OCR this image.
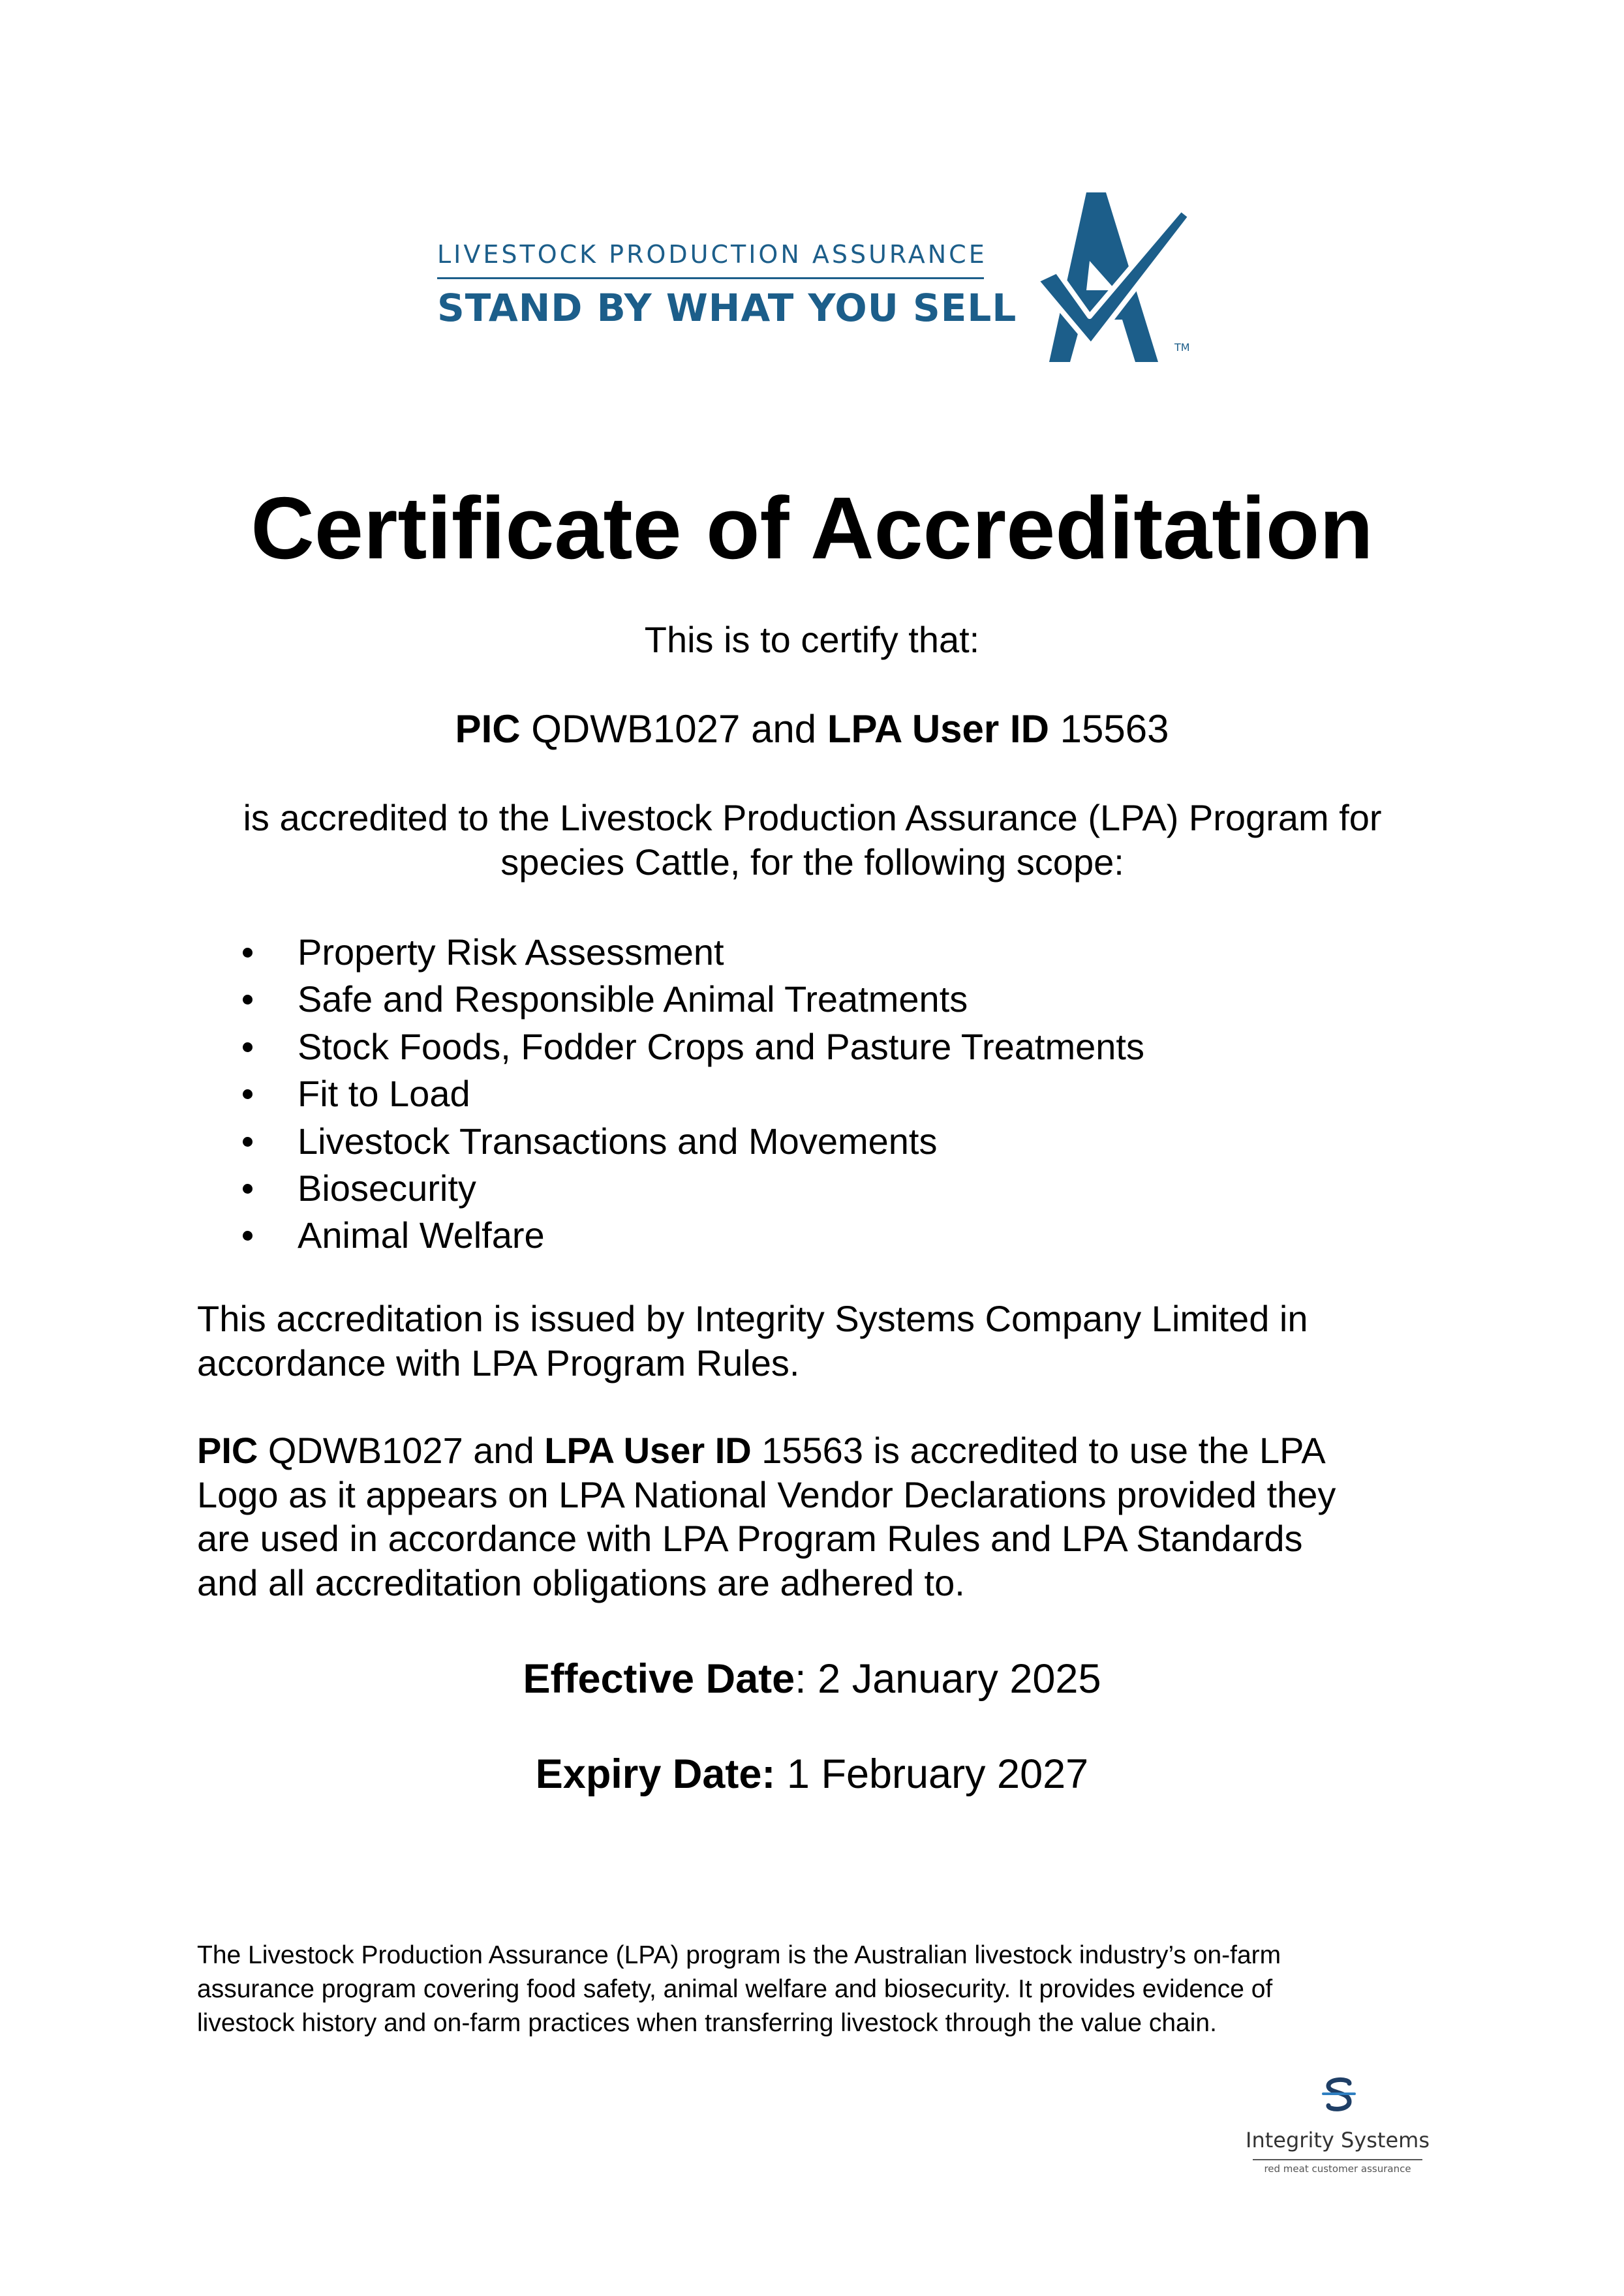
LIVESTOCK PRODUCTION ASSURANCE
STAND BY WHAT YOU SELL
TM
Certificate of Accreditation
This is to certify that:
PIC QDWB1027 and LPA User ID 15563
is accredited to the Livestock Production Assurance (LPA) Program for
species Cattle, for the following scope:
Property Risk Assessment
Safe and Responsible Animal Treatments
Stock Foods, Fodder Crops and Pasture Treatments
Fit to Load
Livestock Transactions and Movements
Biosecurity
Animal Welfare
This accreditation is issued by Integrity Systems Company Limited in
accordance with LPA Program Rules.
PIC QDWB1027 and LPA User ID 15563 is accredited to use the LPA
Logo as it appears on LPA National Vendor Declarations provided they
are used in accordance with LPA Program Rules and LPA Standards
and all accreditation obligations are adhered to.
Effective Date: 2 January 2025
Expiry Date: 1 February 2027
The Livestock Production Assurance (LPA) program is the Australian livestock industry’s on-farm
assurance program covering food safety, animal welfare and biosecurity. It provides evidence of
livestock history and on-farm practices when transferring livestock through the value chain.
Integrity Systems
red meat customer assurance
